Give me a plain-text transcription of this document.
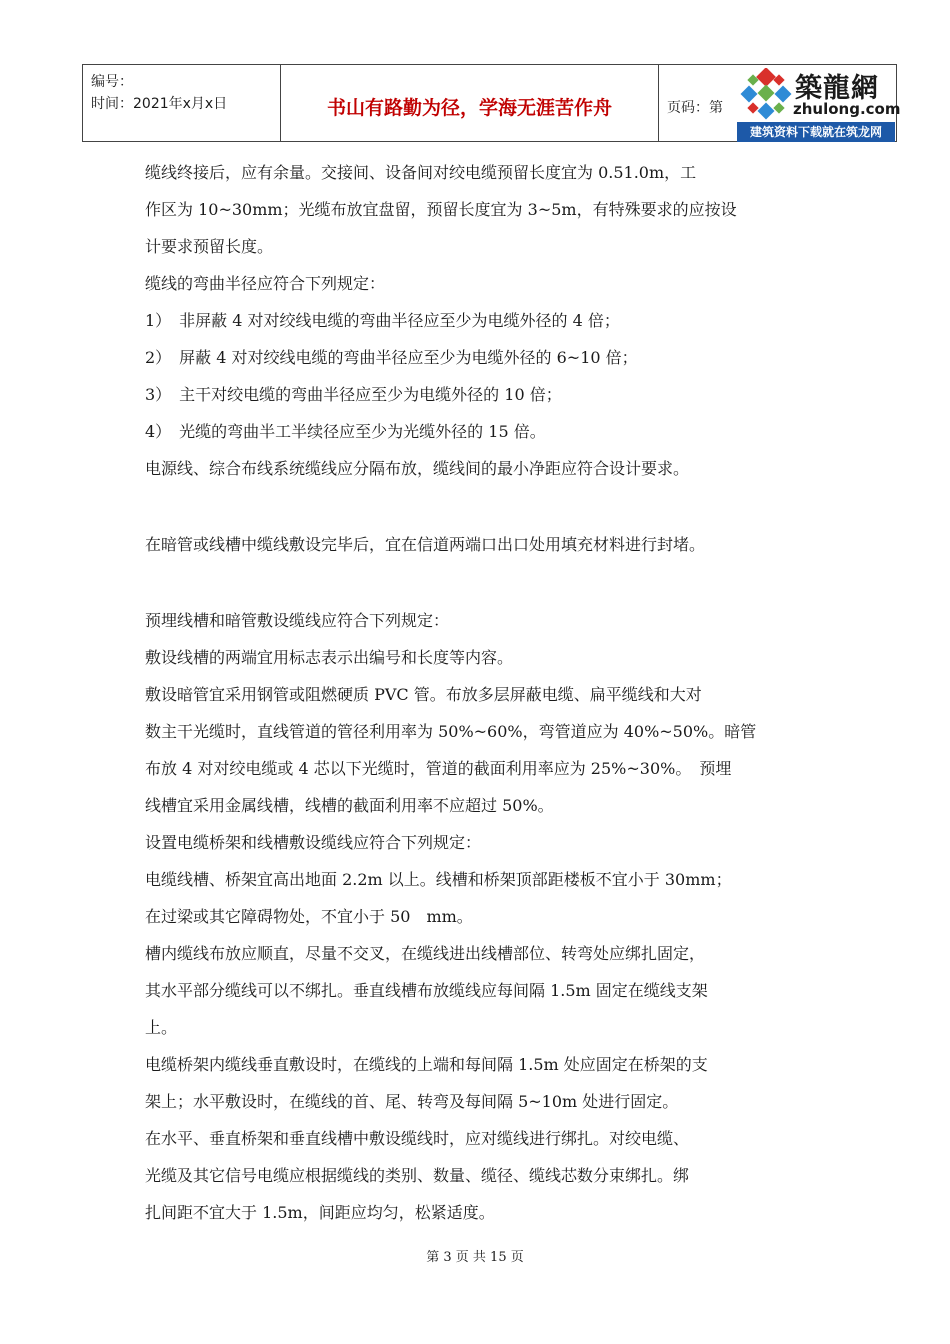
编号：
时间：2021年x月x日	书山有路勤为径，学海无涯苦作舟	页码：第
築龍網
zhulong.com
建筑资料下载就在筑龙网

缆线终接后，应有余量。交接间、设备间对绞电缆预留长度宜为 0.51.0m，工

作区为 10~30mm；光缆布放宜盘留，预留长度宜为 3~5m，有特殊要求的应按设

计要求预留长度。

缆线的弯曲半径应符合下列规定：

1）　非屏蔽 4 对对绞线电缆的弯曲半径应至少为电缆外径的 4 倍；

2）　屏蔽 4 对对绞线电缆的弯曲半径应至少为电缆外径的 6~10 倍；

3）　主干对绞电缆的弯曲半径应至少为电缆外径的 10 倍；

4）　光缆的弯曲半工半续径应至少为光缆外径的 15 倍。

电源线、综合布线系统缆线应分隔布放，缆线间的最小净距应符合设计要求。

在暗管或线槽中缆线敷设完毕后，宜在信道两端口出口处用填充材料进行封堵。

预埋线槽和暗管敷设缆线应符合下列规定：

敷设线槽的两端宜用标志表示出编号和长度等内容。

敷设暗管宜采用钢管或阻燃硬质 PVC 管。布放多层屏蔽电缆、扁平缆线和大对

数主干光缆时，直线管道的管径利用率为 50%~60%，弯管道应为 40%~50%。暗管

布放 4 对对绞电缆或 4 芯以下光缆时，管道的截面利用率应为 25%~30%。　预埋

线槽宜采用金属线槽，线槽的截面利用率不应超过 50%。

设置电缆桥架和线槽敷设缆线应符合下列规定：

电缆线槽、桥架宜高出地面 2.2m 以上。线槽和桥架顶部距楼板不宜小于 30mm；

在过梁或其它障碍物处，不宜小于 50　mm。

槽内缆线布放应顺直，尽量不交叉，在缆线进出线槽部位、转弯处应绑扎固定，

其水平部分缆线可以不绑扎。垂直线槽布放缆线应每间隔 1.5m 固定在缆线支架

上。

电缆桥架内缆线垂直敷设时，在缆线的上端和每间隔 1.5m 处应固定在桥架的支

架上；水平敷设时，在缆线的首、尾、转弯及每间隔 5~10m 处进行固定。

在水平、垂直桥架和垂直线槽中敷设缆线时，应对缆线进行绑扎。对绞电缆、

光缆及其它信号电缆应根据缆线的类别、数量、缆径、缆线芯数分束绑扎。绑

扎间距不宜大于 1.5m，间距应均匀，松紧适度。

第 3 页 共 15 页
